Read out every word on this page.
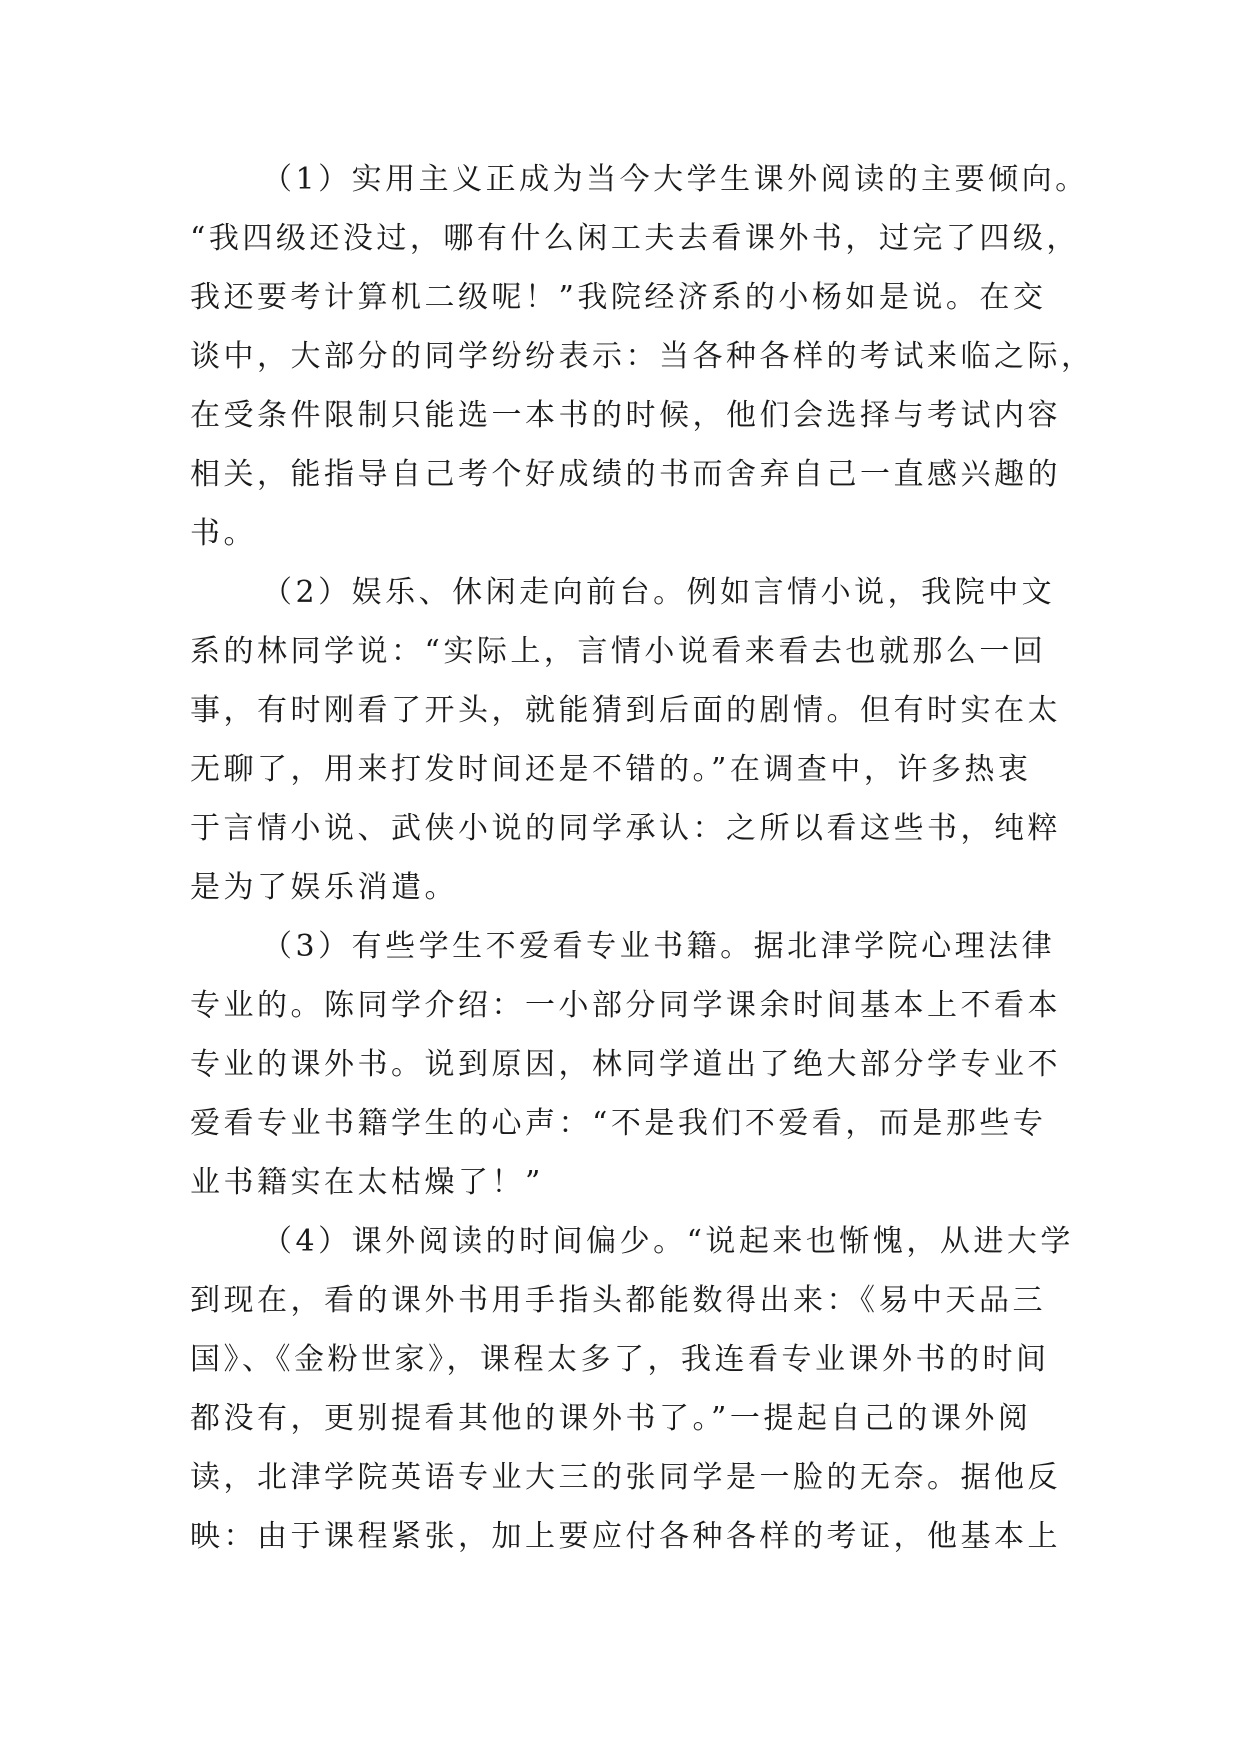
（1）实用主义正成为当今大学生课外阅读的主要倾向。
“我四级还没过，哪有什么闲工夫去看课外书，过完了四级，
我还要考计算机二级呢！”我院经济系的小杨如是说。在交
谈中，大部分的同学纷纷表示：当各种各样的考试来临之际，
在受条件限制只能选一本书的时候，他们会选择与考试内容
相关，能指导自己考个好成绩的书而舍弃自己一直感兴趣的
书。
（2）娱乐、休闲走向前台。例如言情小说，我院中文
系的林同学说：“实际上，言情小说看来看去也就那么一回
事，有时刚看了开头，就能猜到后面的剧情。但有时实在太
无聊了，用来打发时间还是不错的。”在调查中，许多热衷
于言情小说、武侠小说的同学承认：之所以看这些书，纯粹
是为了娱乐消遣。
（3）有些学生不爱看专业书籍。据北津学院心理法律
专业的。陈同学介绍：一小部分同学课余时间基本上不看本
专业的课外书。说到原因，林同学道出了绝大部分学专业不
爱看专业书籍学生的心声：“不是我们不爱看，而是那些专
业书籍实在太枯燥了！”
（4）课外阅读的时间偏少。“说起来也惭愧，从进大学
到现在，看的课外书用手指头都能数得出来：《易中天品三
国》、《金粉世家》，课程太多了，我连看专业课外书的时间
都没有，更别提看其他的课外书了。”一提起自己的课外阅
读，北津学院英语专业大三的张同学是一脸的无奈。据他反
映：由于课程紧张，加上要应付各种各样的考证，他基本上
